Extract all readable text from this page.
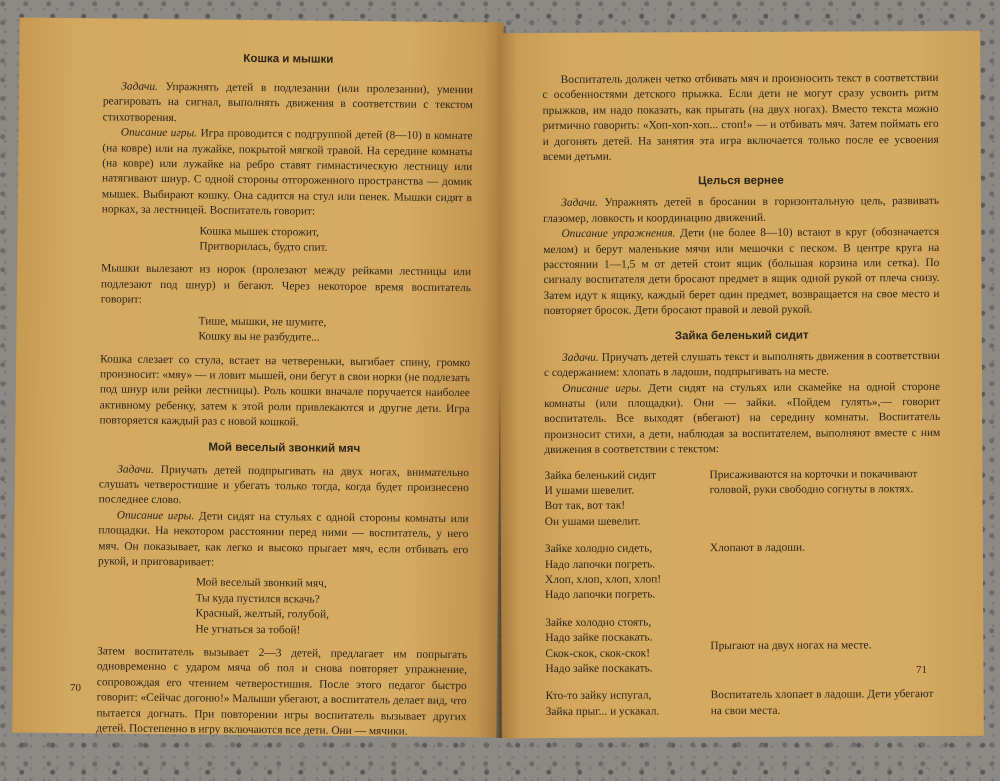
Кошка и мышки

Задачи. Упражнять детей в подлезании (или пролезании), умении реагировать на сигнал, выполнять движения в соответствии с текстом стихотворения.

Описание игры. Игра проводится с подгруппой детей (8—10) в комнате (на ковре) или на лужайке, покрытой мягкой травой. На середине комнаты (на ковре) или лужайке на ребро ставят гимнастическую лестницу или натягивают шнур. С одной стороны отгороженного пространства — домик мышек. Выбирают кошку. Она садится на стул или пенек. Мышки сидят в норках, за лестницей. Воспитатель говорит:

Кошка мышек сторожит,
Притворилась, будто спит.

Мышки вылезают из норок (пролезают между рейками лестницы или подлезают под шнур) и бегают. Через некоторое время воспитатель говорит:

Тише, мышки, не шумите,
Кошку вы не разбудите...

Кошка слезает со стула, встает на четвереньки, выгибает спину, громко произносит: «мяу» — и ловит мышей, они бегут в свои норки (не подлезать под шнур или рейки лестницы). Роль кошки вначале поручается наиболее активному ребенку, затем к этой роли привлекаются и другие дети. Игра повторяется каждый раз с новой кошкой.

Мой веселый звонкий мяч

Задачи. Приучать детей подпрыгивать на двух ногах, внимательно слушать четверостишие и убегать только тогда, когда будет произнесено последнее слово.

Описание игры. Дети сидят на стульях с одной стороны комнаты или площадки. На некотором расстоянии перед ними — воспитатель, у него мяч. Он показывает, как легко и высоко прыгает мяч, если отбивать его рукой, и приговаривает:

Мой веселый звонкий мяч,
Ты куда пустился вскачь?
Красный, желтый, голубой,
Не угнаться за тобой!

Затем воспитатель вызывает 2—3 детей, предлагает им попрыгать одновременно с ударом мяча об пол и снова повторяет упражнение, сопровождая его чтением четверостишия. После этого педагог быстро говорит: «Сейчас догоню!» Малыши убегают, а воспитатель делает вид, что пытается догнать. При повторении игры воспитатель вызывает других детей. Постепенно в игру включаются все дети. Они — мячики.

70

Воспитатель должен четко отбивать мяч и произносить текст в соответствии с особенностями детского прыжка. Если дети не могут сразу усвоить ритм прыжков, им надо показать, как прыгать (на двух ногах). Вместо текста можно ритмично говорить: «Хоп-хоп-хоп... стоп!» — и отбивать мяч. Затем поймать его и догонять детей. На занятия эта игра включается только после ее усвоения всеми детьми.

Целься вернее

Задачи. Упражнять детей в бросании в горизонтальную цель, развивать глазомер, ловкость и координацию движений.

Описание упражнения. Дети (не более 8—10) встают в круг (обозначается мелом) и берут маленькие мячи или мешочки с песком. В центре круга на расстоянии 1—1,5 м от детей стоит ящик (большая корзина или сетка). По сигналу воспитателя дети бросают предмет в ящик одной рукой от плеча снизу. Затем идут к ящику, каждый берет один предмет, возвращается на свое место и повторяет бросок. Дети бросают правой и левой рукой.

Зайка беленький сидит

Задачи. Приучать детей слушать текст и выполнять движения в соответствии с содержанием: хлопать в ладоши, подпрыгивать на месте.

Описание игры. Дети сидят на стульях или скамейке на одной стороне комнаты (или площадки). Они — зайки. «Пойдем гулять»,— говорит воспитатель. Все выходят (вбегают) на середину комнаты. Воспитатель произносит стихи, а дети, наблюдая за воспитателем, выполняют вместе с ним движения в соответствии с текстом:

Зайка беленький сидит
И ушами шевелит.
Вот так, вот так!
Он ушами шевелит.
Присаживаются на корточки и покачивают головой, руки свободно согнуты в локтях.
Зайке холодно сидеть,
Надо лапочки погреть.
Хлоп, хлоп, хлоп, хлоп!
Надо лапочки погреть.
Хлопают в ладоши.
Зайке холодно стоять,
Надо зайке поскакать.
Скок-скок, скок-скок!
Надо зайке поскакать.
Прыгают на двух ногах на месте.
Кто-то зайку испугал,
Зайка прыг... и ускакал.
Воспитатель хлопает в ладоши. Дети убегают на свои места.
71
